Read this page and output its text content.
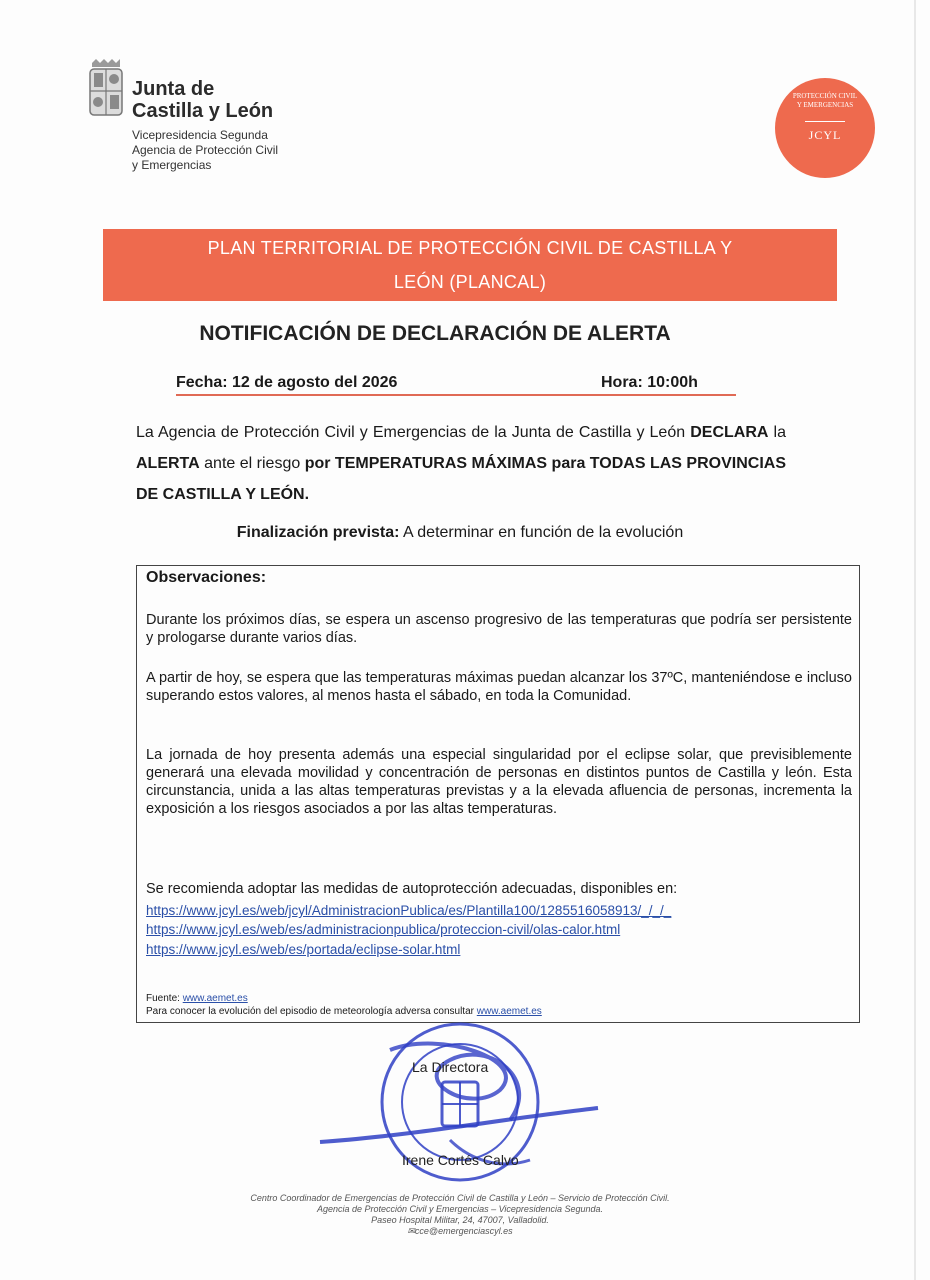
Junta de
Castilla y León
Vicepresidencia Segunda
Agencia de Protección Civil
y Emergencias
PROTECCIÓN CIVIL
Y EMERGENCIAS
JCYL
PLAN TERRITORIAL DE PROTECCIÓN CIVIL DE CASTILLA Y
LEÓN (PLANCAL)
NOTIFICACIÓN DE DECLARACIÓN DE ALERTA
Fecha: 12 de agosto del 2026	Hora: 10:00h
La Agencia de Protección Civil y Emergencias de la Junta de Castilla y León DECLARA la ALERTA ante el riesgo por TEMPERATURAS MÁXIMAS para TODAS LAS PROVINCIAS DE CASTILLA Y LEÓN.
Finalización prevista: A determinar en función de la evolución
Observaciones:
Durante los próximos días, se espera un ascenso progresivo de las temperaturas que podría ser persistente y prologarse durante varios días.
A partir de hoy, se espera que las temperaturas máximas puedan alcanzar los 37ºC, manteniéndose e incluso superando estos valores, al menos hasta el sábado, en toda la Comunidad.
La jornada de hoy presenta además una especial singularidad por el eclipse solar, que previsiblemente generará una elevada movilidad y concentración de personas en distintos puntos de Castilla y león. Esta circunstancia, unida a las altas temperaturas previstas y a la elevada afluencia de personas, incrementa la exposición a los riesgos asociados a por las altas temperaturas.
Se recomienda adoptar las medidas de autoprotección adecuadas, disponibles en:
https://www.jcyl.es/web/jcyl/AdministracionPublica/es/Plantilla100/1285516058913/_/_/_
https://www.jcyl.es/web/es/administracionpublica/proteccion-civil/olas-calor.html
https://www.jcyl.es/web/es/portada/eclipse-solar.html
Fuente: www.aemet.es
Para conocer la evolución del episodio de meteorología adversa consultar www.aemet.es
La Directora
Irene Cortés Calvo
Centro Coordinador de Emergencias de Protección Civil de Castilla y León – Servicio de Protección Civil.
Agencia de Protección Civil y Emergencias – Vicepresidencia Segunda.
Paseo Hospital Militar, 24, 47007, Valladolid.
✉cce@emergenciascyl.es
